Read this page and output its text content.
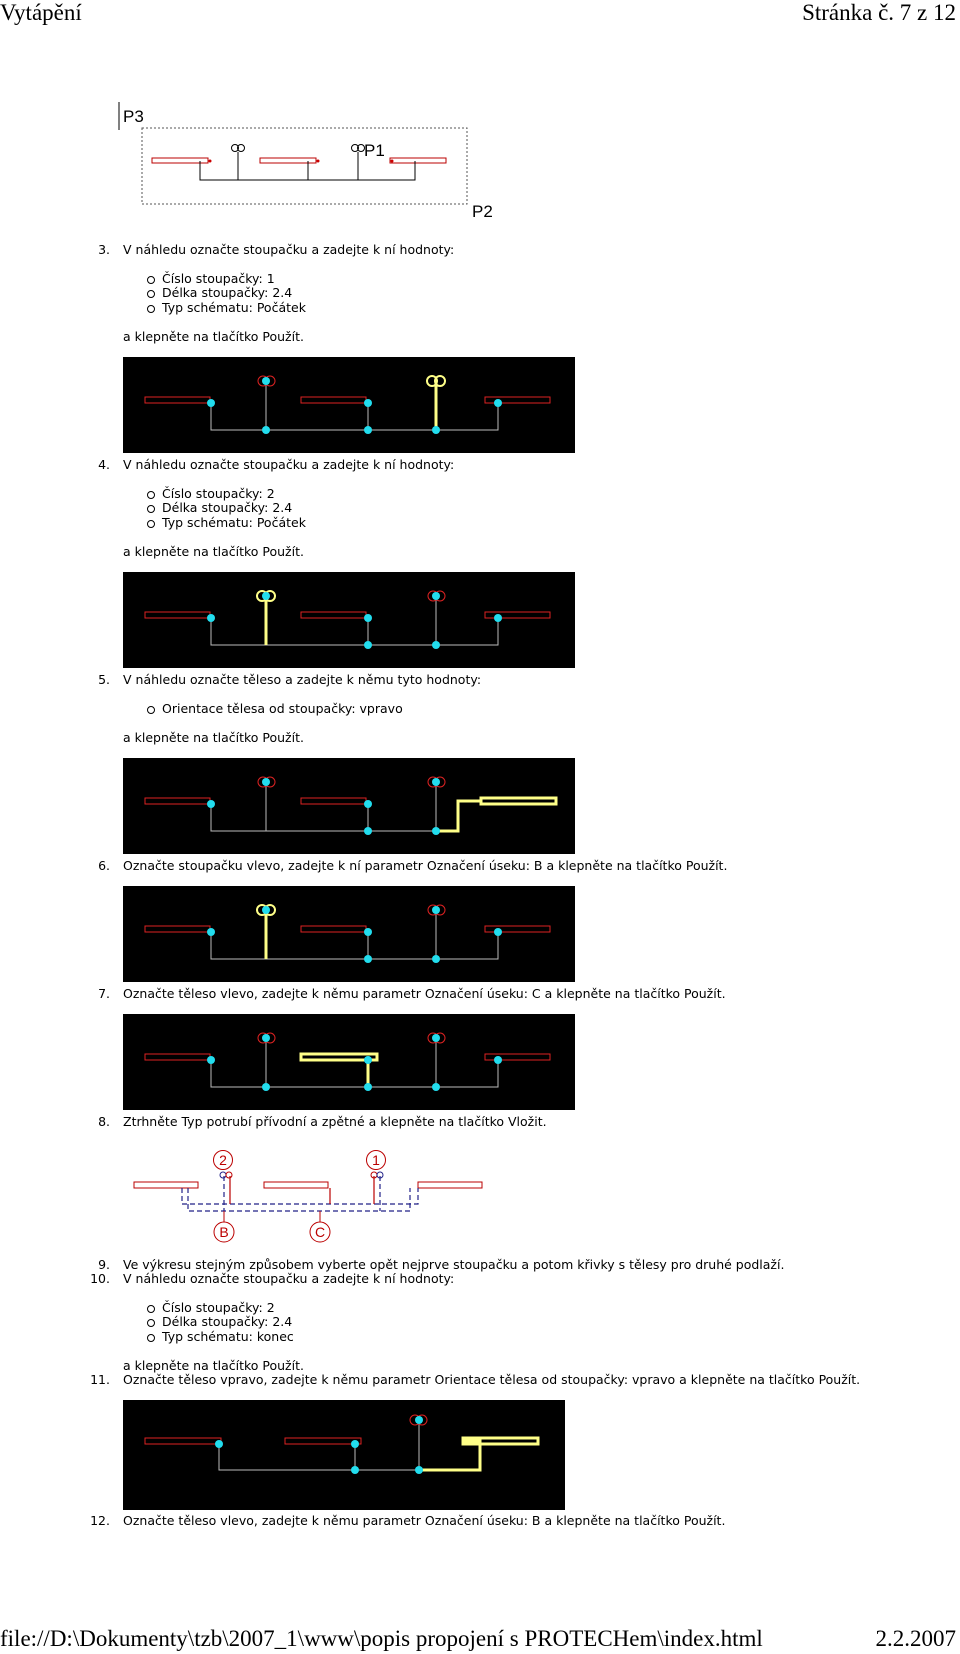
Vytápění	Stránka č. 7 z 12
P3
P1
P2
3. V náhledu označte stoupačku a zadejte k ní hodnoty:
Číslo stoupačky: 1
Délka stoupačky: 2.4
Typ schématu: Počátek
a klepněte na tlačítko Použít.
4. V náhledu označte stoupačku a zadejte k ní hodnoty:
Číslo stoupačky: 2
Délka stoupačky: 2.4
Typ schématu: Počátek
a klepněte na tlačítko Použít.
5. V náhledu označte těleso a zadejte k němu tyto hodnoty:
Orientace tělesa od stoupačky: vpravo
a klepněte na tlačítko Použít.
6. Označte stoupačku vlevo, zadejte k ní parametr Označení úseku: B a klepněte na tlačítko Použít.
7. Označte těleso vlevo, zadejte k němu parametr Označení úseku: C a klepněte na tlačítko Použít.
8. Ztrhněte Typ potrubí přívodní a zpětné a klepněte na tlačítko Vložit.
2	1
B	C
9. Ve výkresu stejným způsobem vyberte opět nejprve stoupačku a potom křivky s tělesy pro druhé podlaží.
10. V náhledu označte stoupačku a zadejte k ní hodnoty:
Číslo stoupačky: 2
Délka stoupačky: 2.4
Typ schématu: konec
a klepněte na tlačítko Použít.
11. Označte těleso vpravo, zadejte k němu parametr Orientace tělesa od stoupačky: vpravo a klepněte na tlačítko Použít.
12. Označte těleso vlevo, zadejte k němu parametr Označení úseku: B a klepněte na tlačítko Použít.
file://D:\Dokumenty\tzb\2007_1\www\popis propojení s PROTECHem\index.html	2.2.2007
